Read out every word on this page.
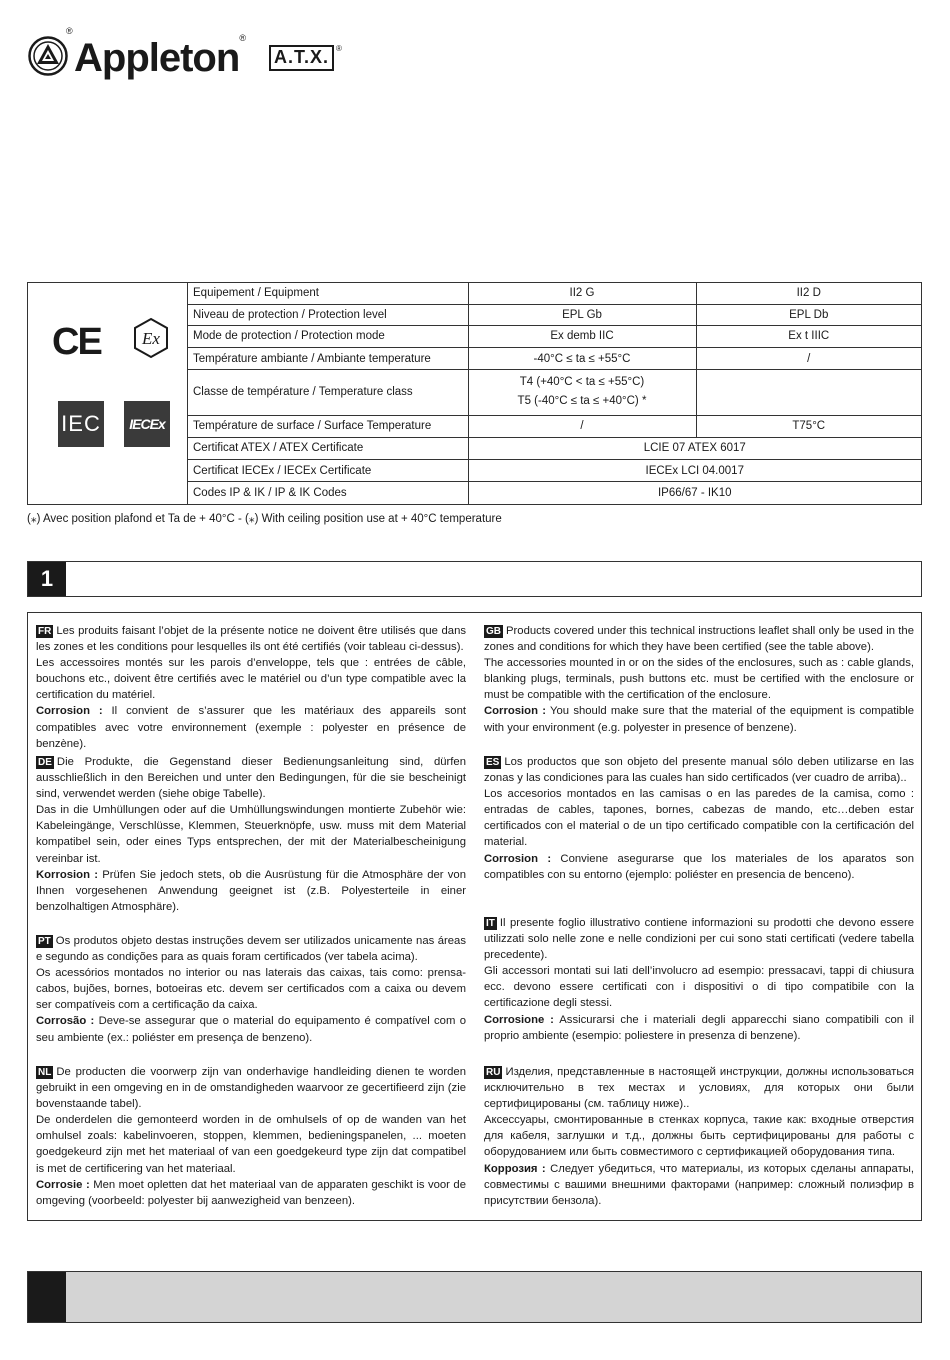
®
Appleton®
A.T.X. ®
CE Ex
IEC	IECEx
Equipement / Equipment	II2 G	II2 D
Niveau de protection / Protection level	EPL Gb	EPL Db
Mode de protection / Protection mode	Ex demb IIC	Ex t IIIC
Température ambiante / Ambiante temperature	-40°C ≤ ta ≤ +55°C	/
Classe de température / Temperature class	T4 (+40°C < ta ≤ +55°C)
T5 (-40°C ≤ ta ≤ +40°C) *	

Température de surface / Surface Temperature	/	T75°C
Certificat ATEX / ATEX Certificate	LCIE 07 ATEX 6017	
Certificat IECEx / IECEx Certificate	IECEx LCI 04.0017	
Codes IP & IK / IP & IK Codes	IP66/67 - IK10	
(⁎) Avec position plafond et Ta de + 40°C - (⁎) With ceiling position use at + 40°C temperature
1

FR Les produits faisant l’objet de la présente notice ne doivent être utilisés que dans les zones et les conditions pour lesquelles ils ont été certifiés (voir tableau ci-dessus).

Les accessoires montés sur les parois d’enveloppe, tels que : entrées de câble, bouchons etc., doivent être certifiés avec le matériel ou d’un type compatible avec la certification du matériel.

Corrosion : Il convient de s’assurer que les matériaux des appareils sont compatibles avec votre environnement (exemple : polyester en présence de benzène).

DE Die Produkte, die Gegenstand dieser Bedienungsanleitung sind, dürfen ausschließlich in den Bereichen und unter den Bedingungen, für die sie bescheinigt sind, verwendet werden (siehe obige Tabelle).

Das in die Umhüllungen oder auf die Umhüllungswindungen montierte Zubehör wie: Kabeleingänge, Verschlüsse, Klemmen, Steuerknöpfe, usw. muss mit dem Material kompatibel sein, oder eines Typs entsprechen, der mit der Materialbescheinigung vereinbar ist.

Korrosion : Prüfen Sie jedoch stets, ob die Ausrüstung für die Atmosphäre der von Ihnen vorgesehenen Anwendung geeignet ist (z.B. Polyesterteile in einer benzolhaltigen Atmosphäre).

PT Os produtos objeto destas instruções devem ser utilizados unicamente nas áreas e segundo as condições para as quais foram certificados (ver tabela acima).

Os acessórios montados no interior ou nas laterais das caixas, tais como: prensa-cabos, bujões, bornes, botoeiras etc. devem ser certificados com a caixa ou devem ser compatíveis com a certificação da caixa.

Corrosão : Deve-se assegurar que o material do equipamento é compatível com o seu ambiente (ex.: poliéster em presença de benzeno).

NL De producten die voorwerp zijn van onderhavige handleiding dienen te worden gebruikt in een omgeving en in de omstandigheden waarvoor ze gecertifieerd zijn (zie bovenstaande tabel).

De onderdelen die gemonteerd worden in de omhulsels of op de wanden van het omhulsel zoals: kabelinvoeren, stoppen, klemmen, bedieningspanelen, ... moeten goedgekeurd zijn met het materiaal of van een goedgekeurd type zijn dat compatibel is met de certificering van het materiaal.

Corrosie : Men moet opletten dat het materiaal van de apparaten geschikt is voor de omgeving (voorbeeld: polyester bij aanwezigheid van benzeen).

GB Products covered under this technical instructions leaflet shall only be used in the zones and conditions for which they have been certified (see the table above).

The accessories mounted in or on the sides of the enclosures, such as : cable glands, blanking plugs, terminals, push buttons etc. must be certified with the enclosure or must be compatible with the certification of the enclosure.

Corrosion : You should make sure that the material of the equipment is compatible with your environment (e.g. polyester in presence of benzene).

ES Los productos que son objeto del presente manual sólo deben utilizarse en las zonas y las condiciones para las cuales han sido certificados (ver cuadro de arriba)..

Los accesorios montados en las camisas o en las paredes de la camisa, como : entradas de cables, tapones, bornes, cabezas de mando, etc…deben estar certificados con el material o de un tipo certificado compatible con la certificación del material.

Corrosion : Conviene asegurarse que los materiales de los aparatos son compatibles con su entorno (ejemplo: poliéster en presencia de benceno).

IT Il presente foglio illustrativo contiene informazioni su prodotti che devono essere utilizzati solo nelle zone e nelle condizioni per cui sono stati certificati (vedere tabella precedente).

Gli accessori montati sui lati dell’involucro ad esempio: pressacavi, tappi di chiusura ecc. devono essere certificati con i dispositivi o di tipo compatibile con la certificazione degli stessi.

Corrosione : Assicurarsi che i materiali degli apparecchi siano compatibili con il proprio ambiente (esempio: poliestere in presenza di benzene).

RU Изделия, представленные в настоящей инструкции, должны использоваться исключительно в тех местах и условиях, для которых они были сертифицированы (см. таблицу ниже)..

Аксессуары, смонтированные в стенках корпуса, такие как: входные отверстия для кабеля, заглушки и т.д., должны быть сертифицированы для работы с оборудованием или быть совместимого с сертификацией оборудования типа.

Коррозия : Следует убедиться, что материалы, из которых сделаны аппараты, совместимы с вашими внешними факторами (например: сложный полиэфир в присутствии бензола).
